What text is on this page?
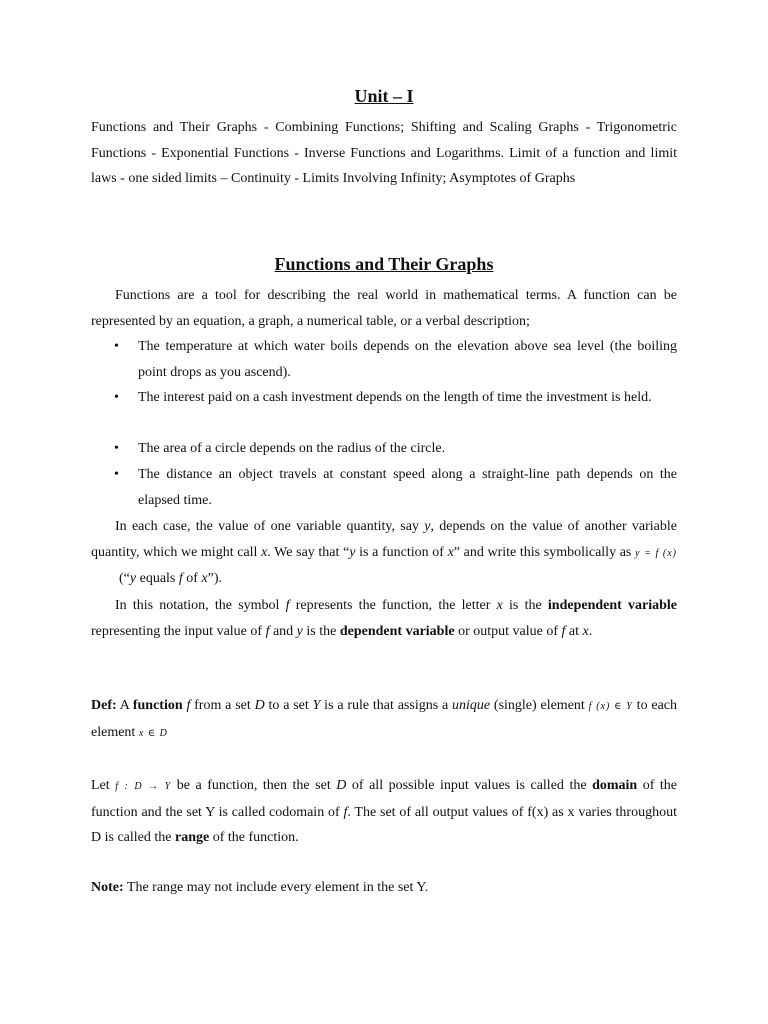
Unit – I

Functions and Their Graphs - Combining Functions; Shifting and Scaling Graphs - Trigonometric Functions - Exponential Functions - Inverse Functions and Logarithms. Limit of a function and limit laws - one sided limits – Continuity - Limits Involving Infinity; Asymptotes of Graphs

Functions and Their Graphs

Functions are a tool for describing the real world in mathematical terms. A function can be represented by an equation, a graph, a numerical table, or a verbal description;

• The temperature at which water boils depends on the elevation above sea level (the boiling point drops as you ascend).
• The interest paid on a cash investment depends on the length of time the investment is held.
• The area of a circle depends on the radius of the circle.
• The distance an object travels at constant speed along a straight-line path depends on the elapsed time.

In each case, the value of one variable quantity, say y, depends on the value of another variable quantity, which we might call x. We say that “y is a function of x” and write this symbolically as y = f (x)(“y equals f of x”).

In this notation, the symbol f represents the function, the letter x is the independent variable representing the input value of f and y is the dependent variable or output value of f at x.

Def: A function f from a set D to a set Y is a rule that assigns a unique (single) element f (x) ∈ Y to each element x ∈ D

Let f : D → Y be a function, then the set D of all possible input values is called the domain of the function and the set Y is called codomain of f. The set of all output values of f(x) as x varies throughout D is called the range of the function.

Note: The range may not include every element in the set Y.
